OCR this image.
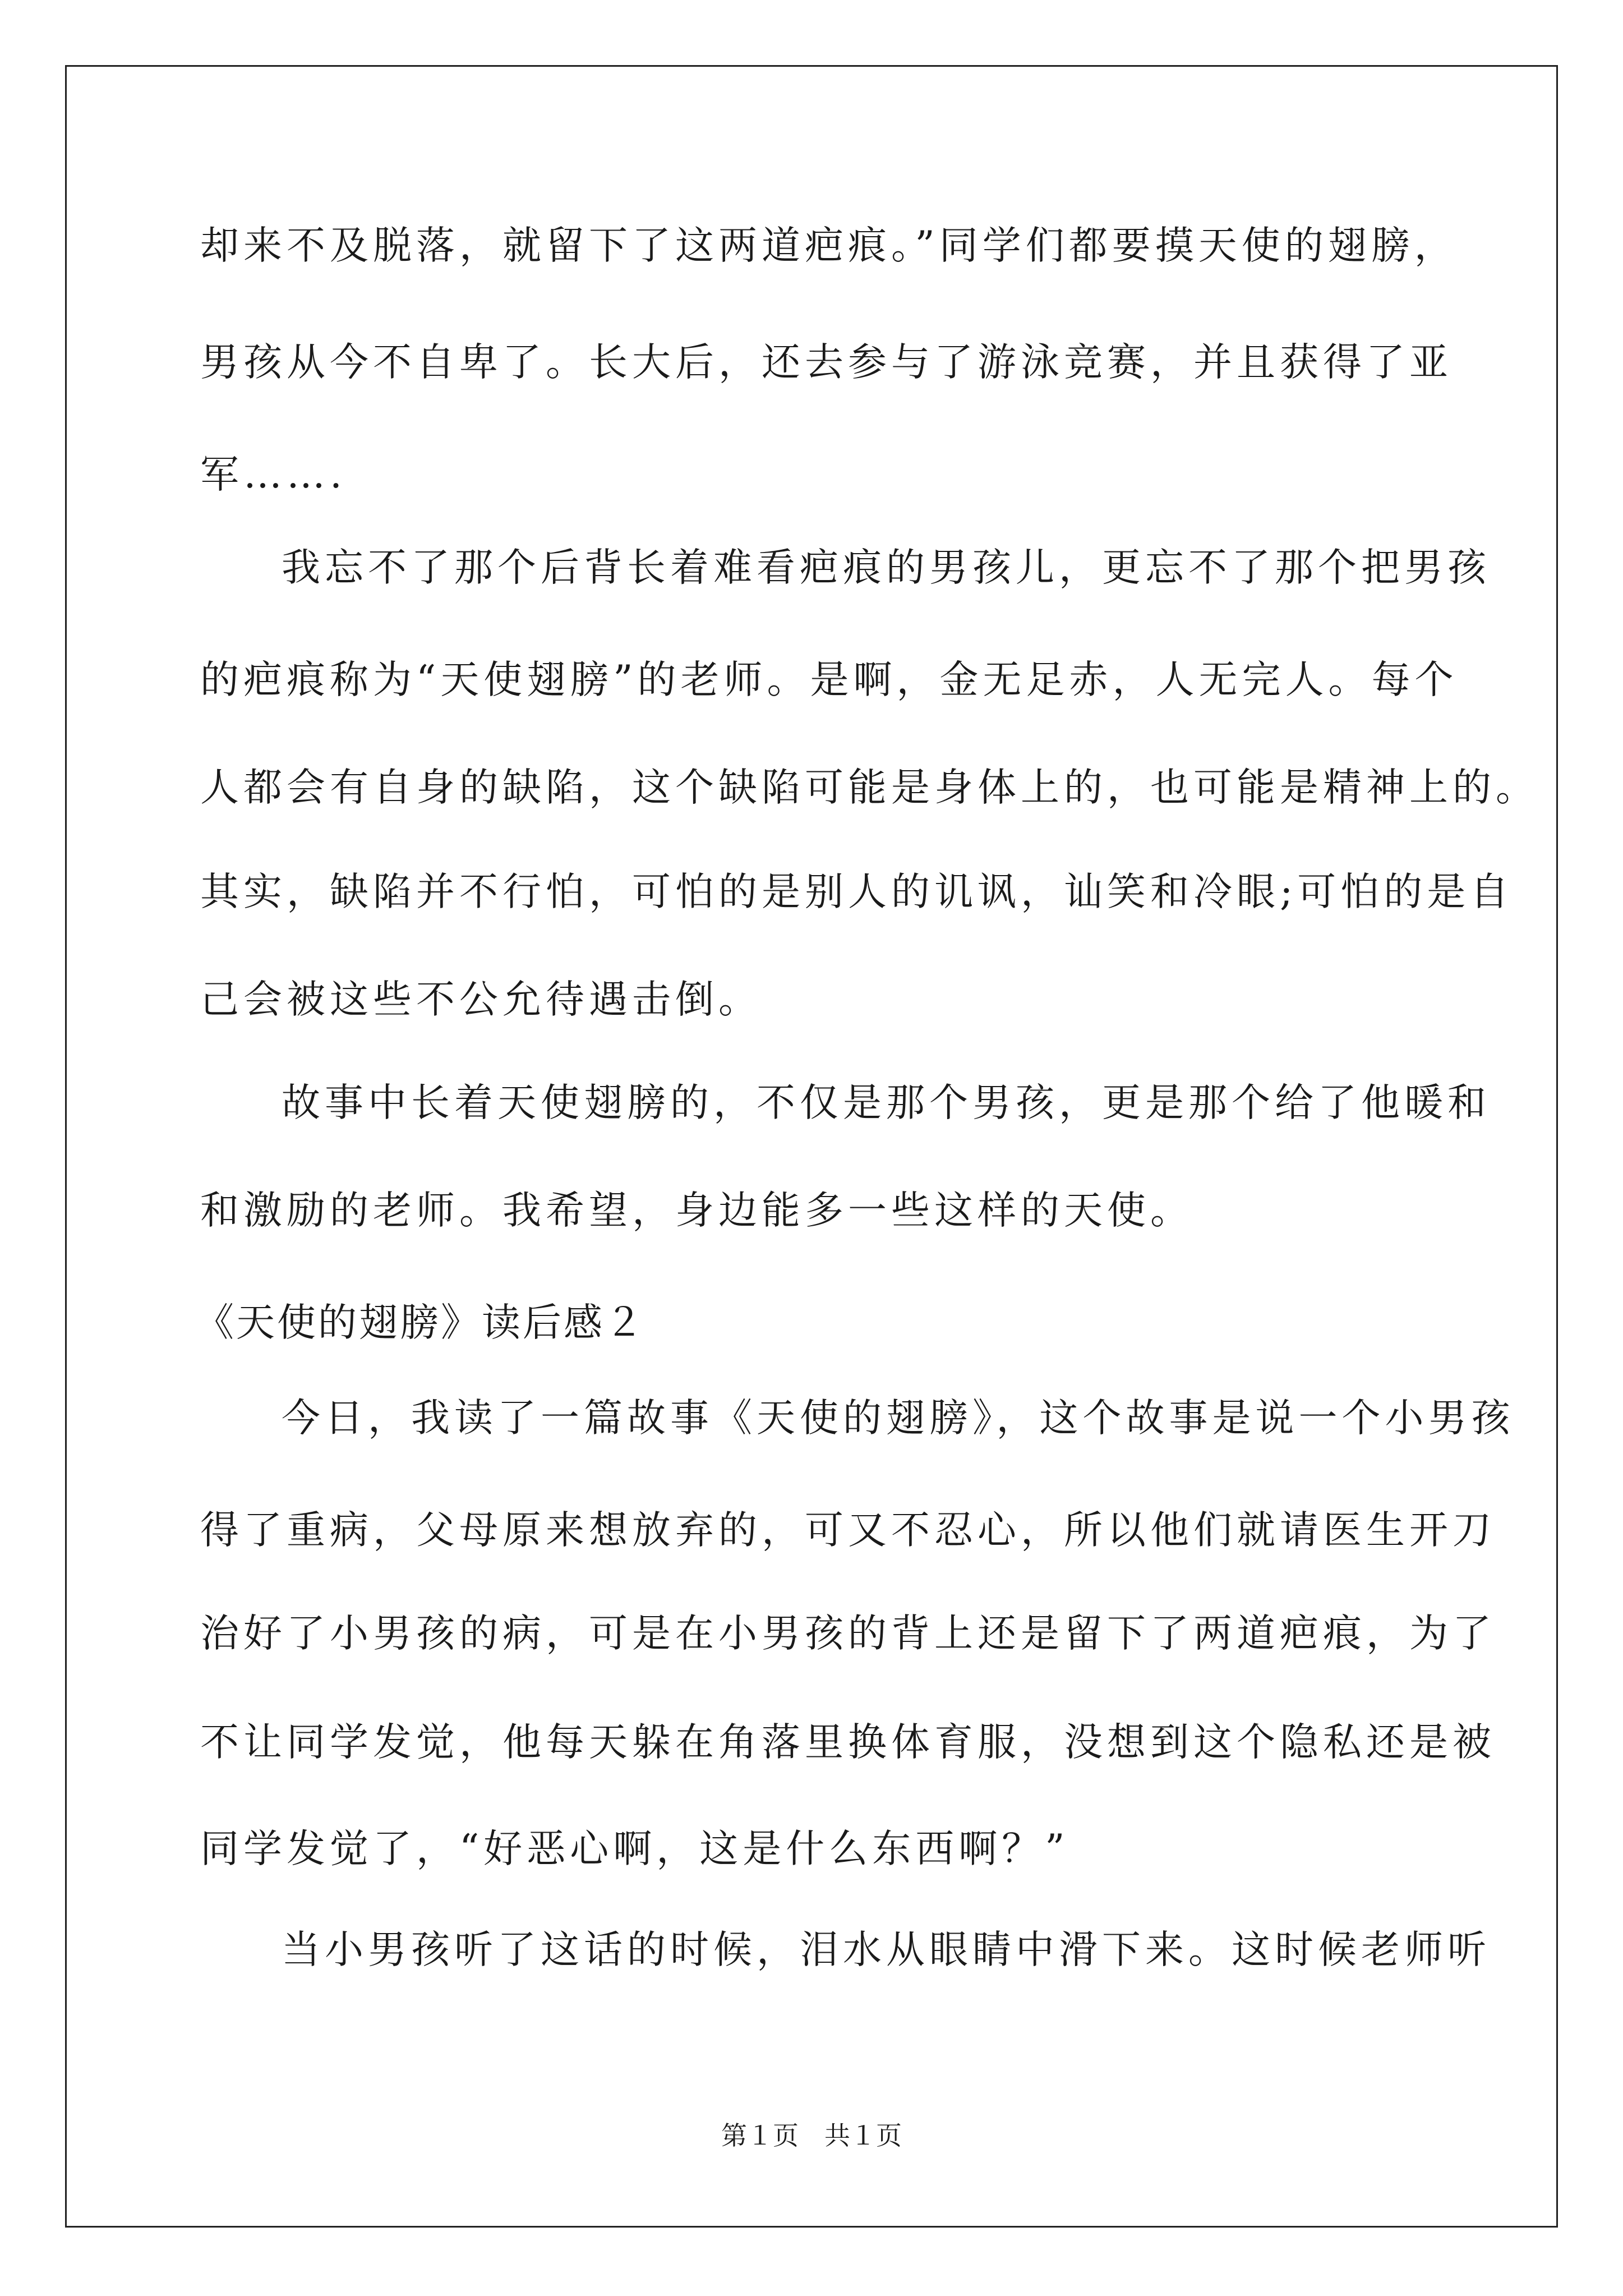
却来不及脱落，就留下了这两道疤痕。”同学们都要摸天使的翅膀，
男孩从今不自卑了。长大后，还去参与了游泳竞赛，并且获得了亚
军…….
我忘不了那个后背长着难看疤痕的男孩儿，更忘不了那个把男孩
的疤痕称为“天使翅膀”的老师。是啊，金无足赤，人无完人。每个
人都会有自身的缺陷，这个缺陷可能是身体上的，也可能是精神上的。
其实，缺陷并不行怕，可怕的是别人的讥讽，讪笑和冷眼;可怕的是自
己会被这些不公允待遇击倒。
故事中长着天使翅膀的，不仅是那个男孩，更是那个给了他暖和
和激励的老师。我希望，身边能多一些这样的天使。
《天使的翅膀》读后感２
今日，我读了一篇故事《天使的翅膀》，这个故事是说一个小男孩
得了重病，父母原来想放弃的，可又不忍心，所以他们就请医生开刀
治好了小男孩的病，可是在小男孩的背上还是留下了两道疤痕，为了
不让同学发觉，他每天躲在角落里换体育服，没想到这个隐私还是被
同学发觉了，“好恶心啊，这是什么东西啊？”
当小男孩听了这话的时候，泪水从眼睛中滑下来。这时候老师听
第１页　共１页
